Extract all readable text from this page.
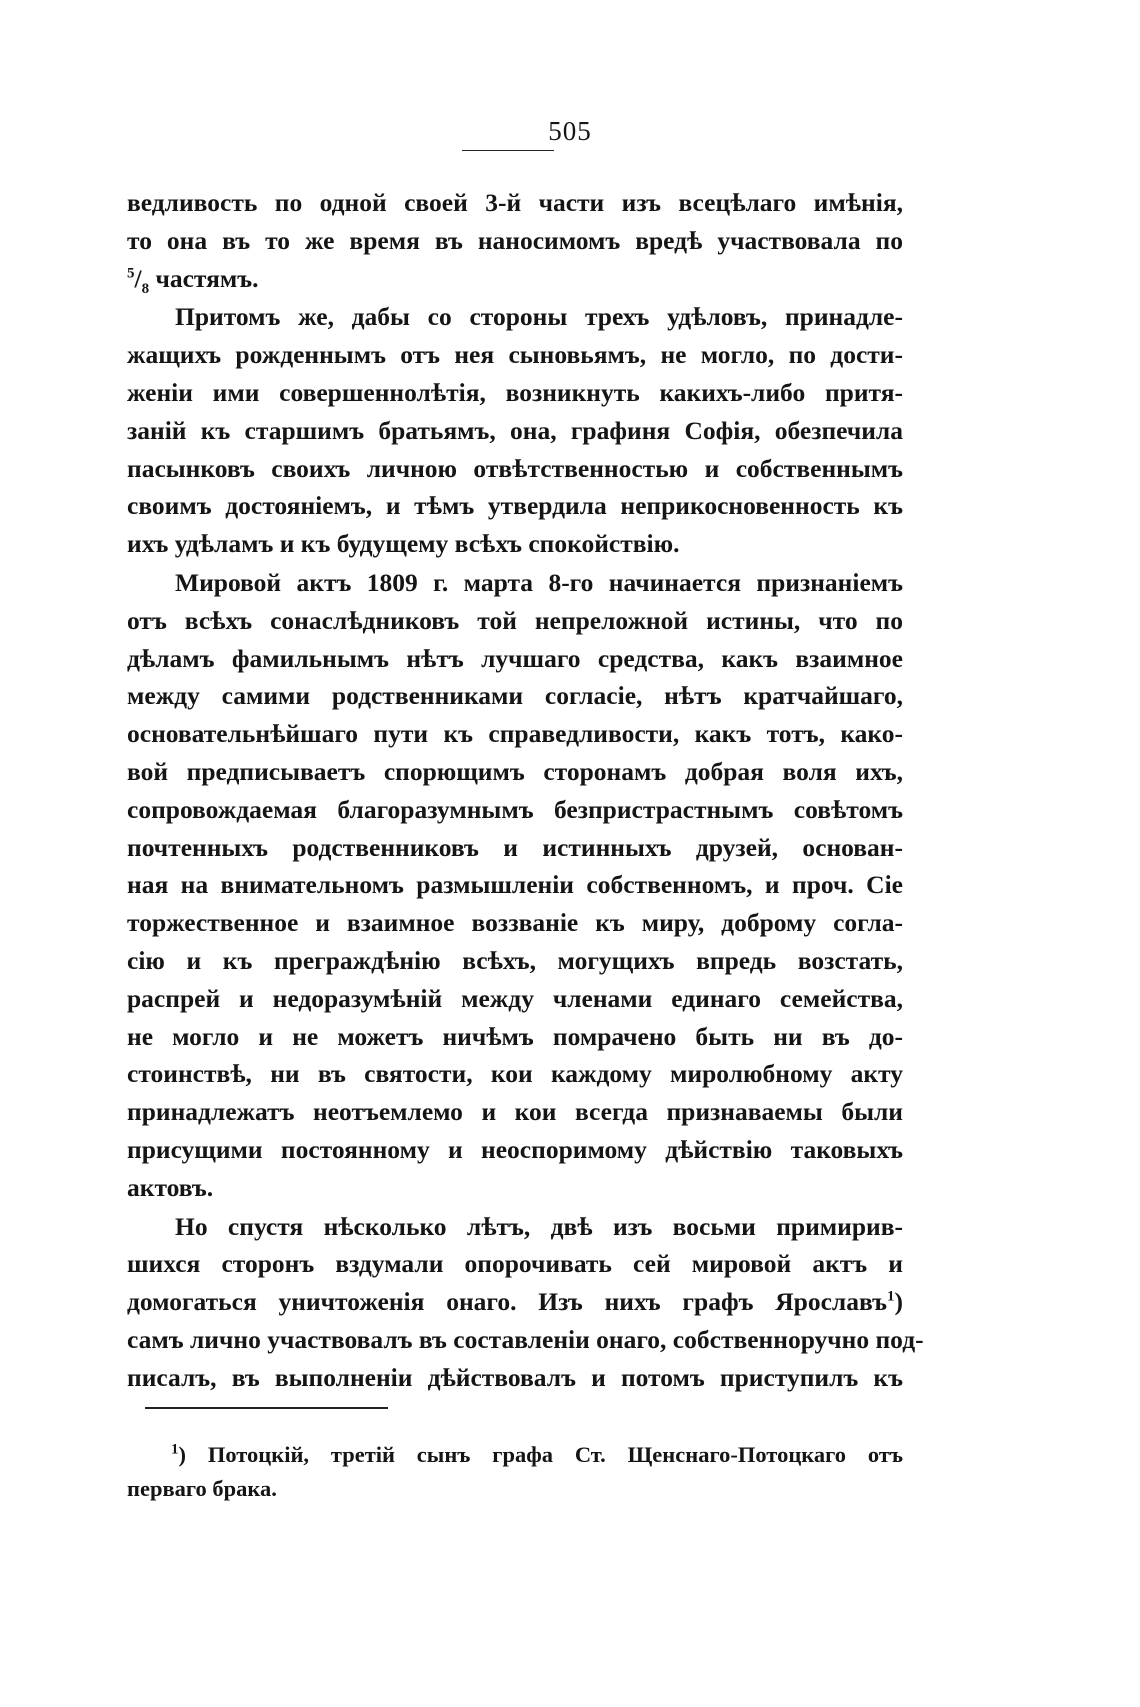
505
ведливость по одной своей 3-й части изъ всецѣлаго имѣнія,
то она въ то же время въ наносимомъ вредѣ участвовала по
$^5/_8$ частямъ.
Притомъ же, дабы со стороны трехъ удѣловъ, принадле-
жащихъ рожденнымъ отъ нея сыновьямъ, не могло, по дости-
женіи ими совершеннолѣтія, возникнуть какихъ-либо притя-
заній къ старшимъ братьямъ, она, графиня Софія, обезпечила
пасынковъ своихъ личною отвѣтственностью и собственнымъ
своимъ достояніемъ, и тѣмъ утвердила неприкосновенность къ
ихъ удѣламъ и къ будущему всѣхъ спокойствію.
Мировой актъ 1809 г. марта 8-го начинается признаніемъ
отъ всѣхъ сонаслѣдниковъ той непреложной истины, что по
дѣламъ фамильнымъ нѣтъ лучшаго средства, какъ взаимное
между самими родственниками согласіе, нѣтъ кратчайшаго,
основательнѣйшаго пути къ справедливости, какъ тотъ, како-
вой предписываетъ спорющимъ сторонамъ добрая воля ихъ,
сопровождаемая благоразумнымъ безпристрастнымъ совѣтомъ
почтенныхъ родственниковъ и истинныхъ друзей, основан-
ная на внимательномъ размышленіи собственномъ, и проч. Сіе
торжественное и взаимное воззваніе къ миру, доброму согла-
сію и къ преграждѣнію всѣхъ, могущихъ впредь возстать,
распрей и недоразумѣній между членами единаго семейства,
не могло и не можетъ ничѣмъ помрачено быть ни въ до-
стоинствѣ, ни въ святости, кои каждому миролюбному акту
принадлежатъ неотъемлемо и кои всегда признаваемы были
присущими постоянному и неоспоримому дѣйствію таковыхъ
актовъ.
Но спустя нѣсколько лѣтъ, двѣ изъ восьми примирив-
шихся сторонъ вздумали опорочивать сей мировой актъ и
домогаться уничтоженія онаго. Изъ нихъ графъ Ярославъ$^1$)
самъ лично участвовалъ въ составленіи онаго, собственноручно под-
писалъ, въ выполненіи дѣйствовалъ и потомъ приступилъ къ
$^1$) Потоцкій, третій сынъ графа Ст. Щенснаго-Потоцкаго отъ
перваго брака.
